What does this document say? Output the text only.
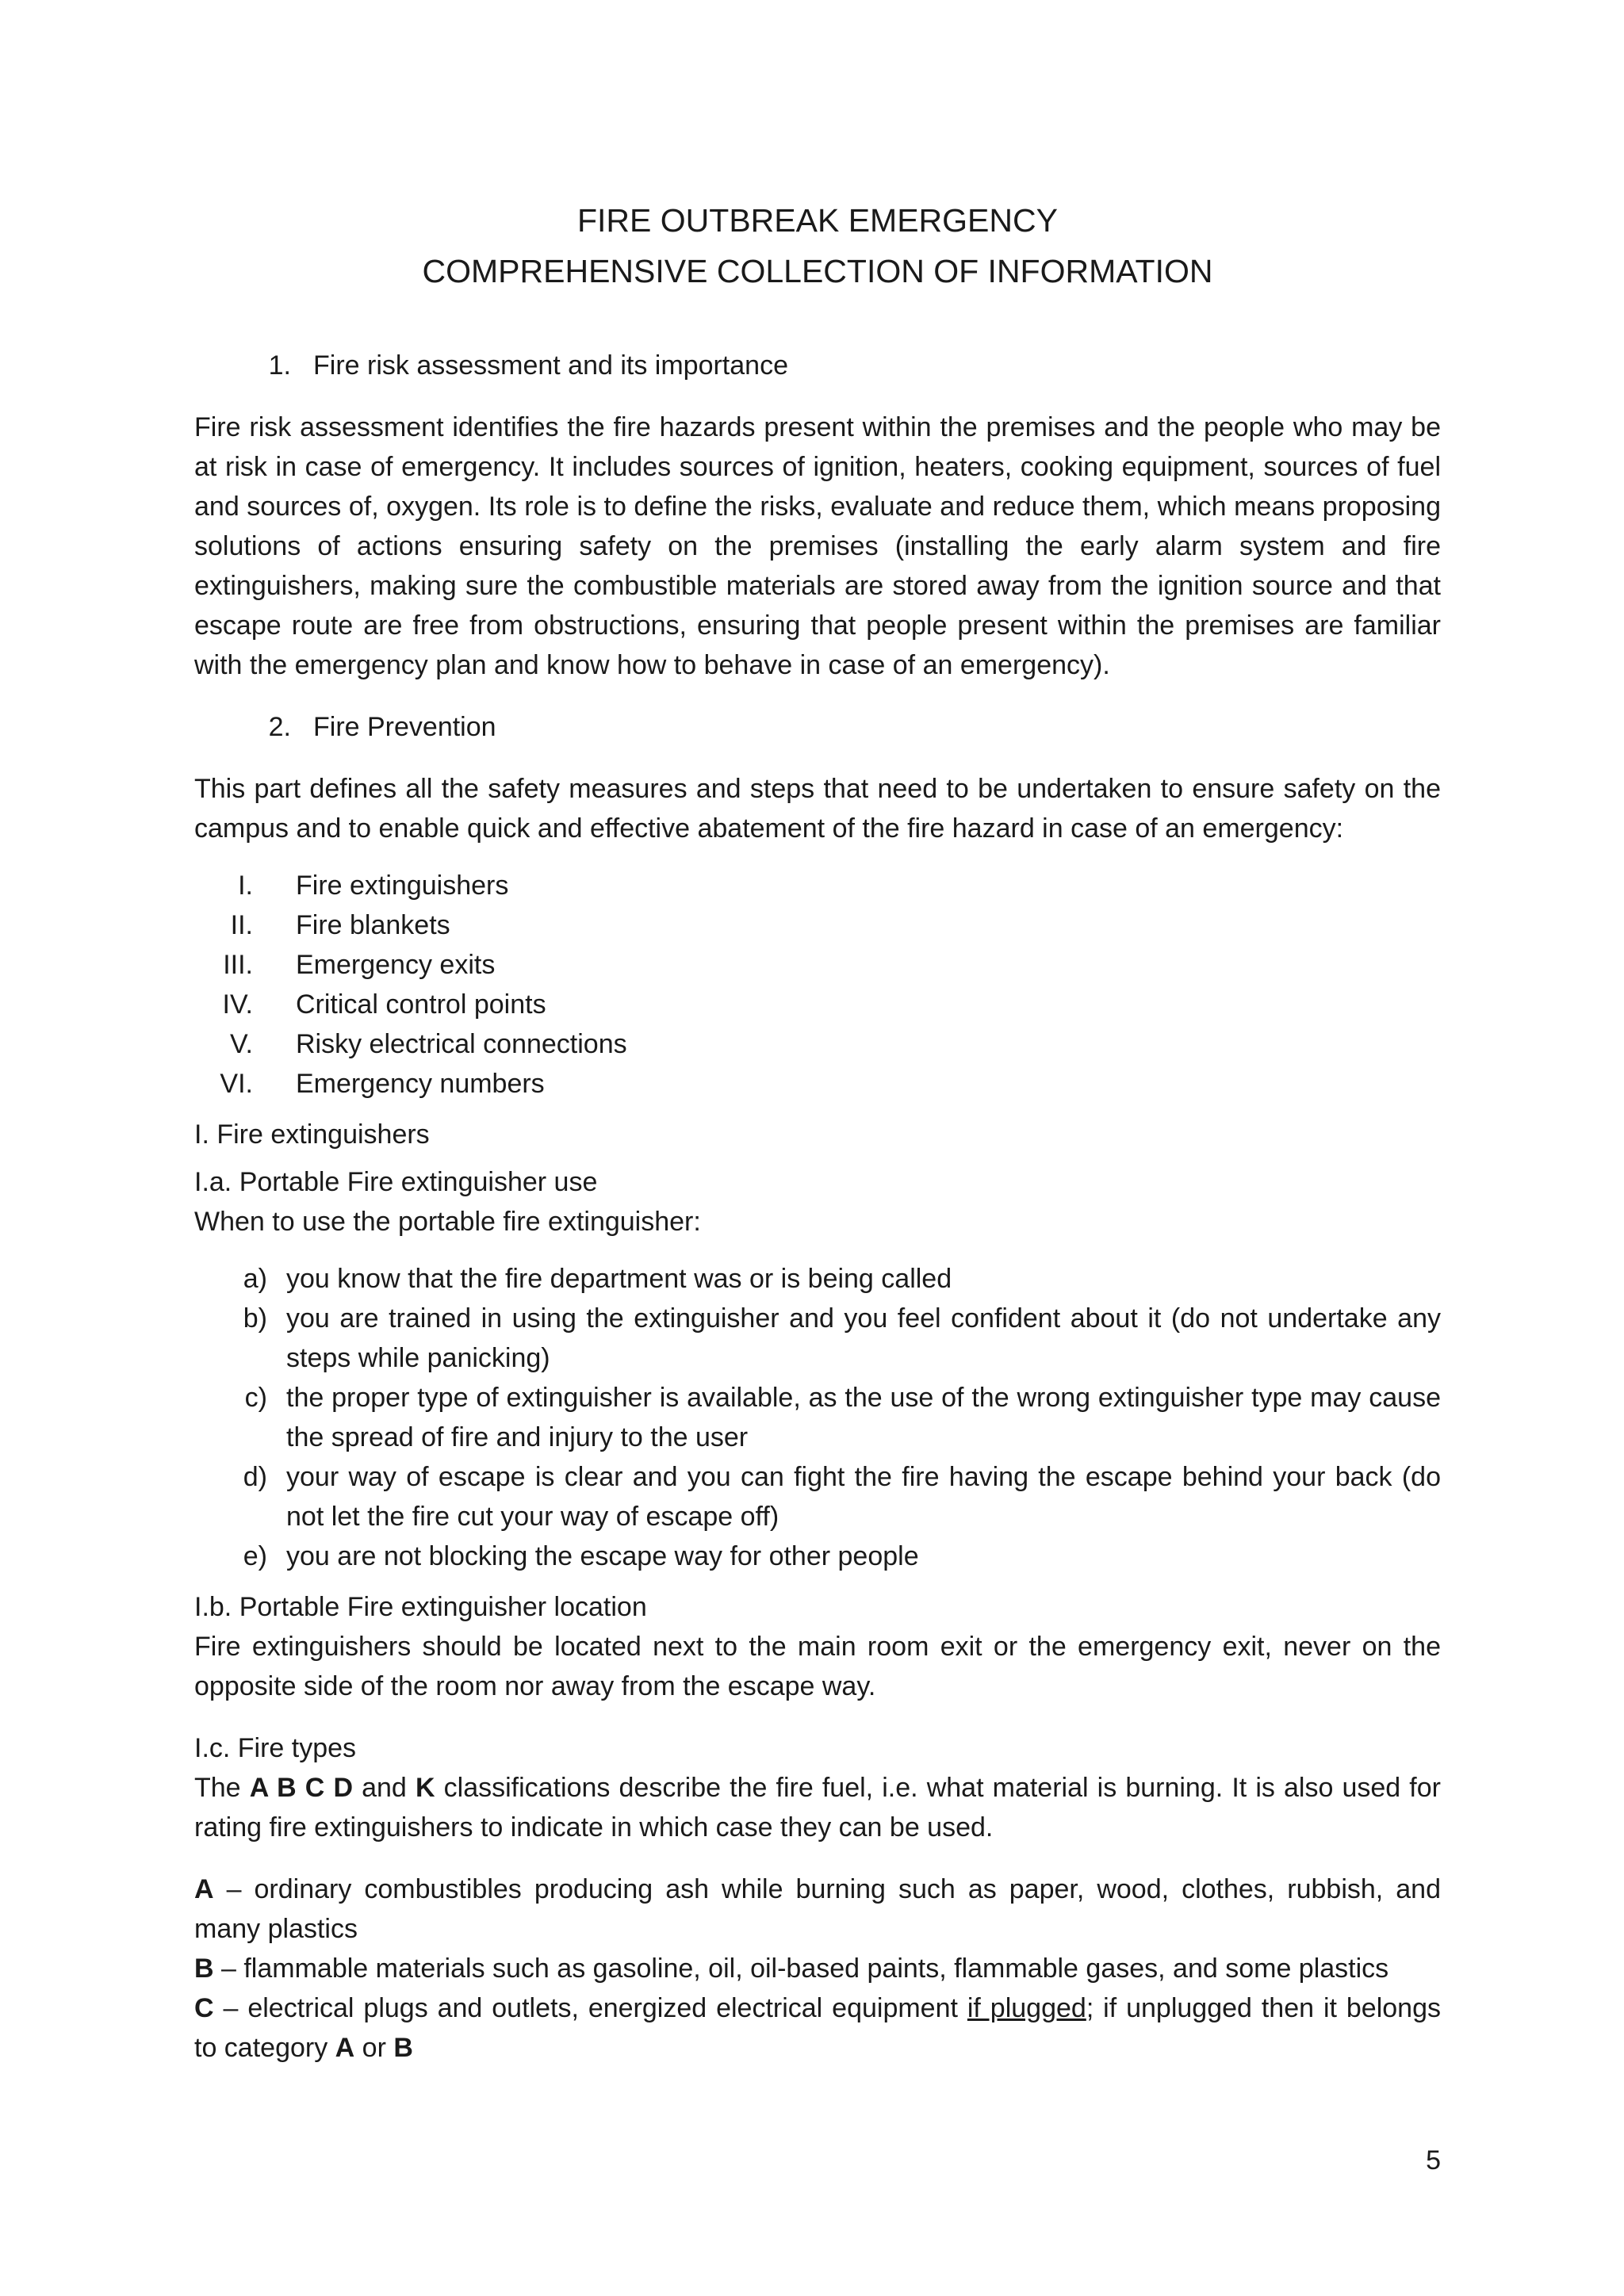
FIRE OUTBREAK EMERGENCY
COMPREHENSIVE COLLECTION OF INFORMATION
1. Fire risk assessment and its importance

Fire risk assessment identifies the fire hazards present within the premises and the people who may be at risk in case of emergency. It includes sources of ignition, heaters, cooking equipment, sources of fuel and sources of, oxygen. Its role is to define the risks, evaluate and reduce them, which means proposing solutions of actions ensuring safety on the premises (installing the early alarm system and fire extinguishers, making sure the combustible materials are stored away from the ignition source and that escape route are free from obstructions, ensuring that people present within the premises are familiar with the emergency plan and know how to behave in case of an emergency).

2. Fire Prevention

This part defines all the safety measures and steps that need to be undertaken to ensure safety on the campus and to enable quick and effective abatement of the fire hazard in case of an emergency:

I.	Fire extinguishers
II.	Fire blankets
III.	Emergency exits
IV.	Critical control points
V.	Risky electrical connections
VI.	Emergency numbers

I. Fire extinguishers

I.a. Portable Fire extinguisher use

When to use the portable fire extinguisher:

a) you know that the fire department was or is being called
b) you are trained in using the extinguisher and you feel confident about it (do not undertake any steps while panicking)
c) the proper type of extinguisher is available, as the use of the wrong extinguisher type may cause the spread of fire and injury to the user
d) your way of escape is clear and you can fight the fire having the escape behind your back (do not let the fire cut your way of escape off)
e) you are not blocking the escape way for other people

I.b. Portable Fire extinguisher location

Fire extinguishers should be located next to the main room exit or the emergency exit, never on the opposite side of the room nor away from the escape way.

I.c. Fire types

The A B C D and K classifications describe the fire fuel, i.e. what material is burning. It is also used for rating fire extinguishers to indicate in which case they can be used.

A – ordinary combustibles producing ash while burning such as paper, wood, clothes, rubbish, and many plastics

B – flammable materials such as gasoline, oil, oil-based paints, flammable gases, and some plastics

C – electrical plugs and outlets, energized electrical equipment if plugged; if unplugged then it belongs to category A or B

5
